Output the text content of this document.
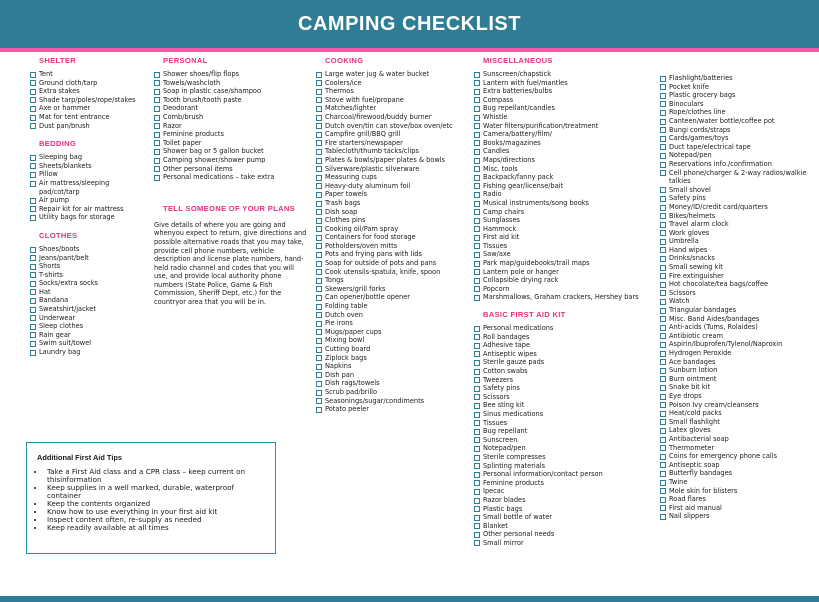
CAMPING CHECKLIST
SHELTER
Tent
Ground cloth/tarp
Extra stakes
Shade tarp/poles/rope/stakes
Axe or hammer
Mat for tent entrance
Dust pan/brush
BEDDING
Sleeping bag
Sheets/blankets
Pillow
Air mattress/sleeping pad/cot/tarp
Air pump
Repair kit for air mattress
Utility bags for storage
CLOTHES
Shoes/boots
Jeans/pant/belt
Shorts
T-shirts
Socks/extra socks
Hat
Bandana
Sweatshirt/jacket
Underwear
Sleep clothes
Rain gear
Swim suit/towel
Laundry bag
PERSONAL
Shower shoes/flip flops
Towels/washcloth
Soap in plastic case/shampoo
Tooth brush/tooth paste
Deodorant
Comb/brush
Razor
Feminine products
Toilet paper
Shower bag or 5 gallon bucket
Camping shower/shower pump
Other personal items
Personal medications – take extra
TELL SOMEONE OF YOUR PLANS

Give details of where you are going and whenyou expect to return, give directions and possible alternative roads that you may take, provide cell phone numbers, vehicle description and license plate numbers, hand-held radio channel and codes that you will use, and provide local authority phone numbers (State Police, Game & Fish Commission, Sheriff Dept, etc.) for the countryor area that you will be in.

Additional First Aid Tips
• Take a First Aid class and a CPR class – keep current on thisinformation
• Keep supplies in a well marked, durable, waterproof container
• Keep the contents organized
• Know how to use everything in your first aid kit
• Inspect content often, re-supply as needed
• Keep readily available at all times
COOKING
Large water jug & water bucket
Coolers/ice
Thermos
Stove with fuel/propane
Matches/lighter
Charcoal/firewood/buddy burner
Dutch oven/tin can stove/box oven/etc
Campfire grill/BBQ grill
Fire starters/newspaper
Tablecloth/thumb tacks/clips
Plates & bowls/paper plates & bowls
Silverware/plastic silverware
Measuring cups
Heavy-duty aluminum foil
Paper towels
Trash bags
Dish soap
Clothes pins
Cooking oil/Pam spray
Containers for food storage
Potholders/oven mitts
Pots and frying pans with lids
Soap for outside of pots and pans
Cook utensils-spatula, knife, spoon
Tongs
Skewers/grill forks
Can opener/bottle opener
Folding table
Dutch oven
Pie irons
Mugs/paper cups
Mixing bowl
Cutting board
Ziplock bags
Napkins
Dish pan
Dish rags/towels
Scrub pad/brillo
Seasonings/sugar/condiments
Potato peeler
MISCELLANEOUS
Sunscreen/chapstick
Lantern with fuel/mantles
Extra batteries/bulbs
Compass
Bug repellant/candles
Whistle
Water filters/purification/treatment
Camera/battery/film/
Books/magazines
Candles
Maps/directions
Misc. tools
Backpack/fanny pack
Fishing gear/license/bait
Radio
Musical instruments/song books
Camp chairs
Sunglasses
Hammock
First aid kit
Tissues
Saw/axe
Park map/guidebooks/trail maps
Lantern pole or hanger
Collapsible drying rack
Popcorn
Marshmallows, Graham crackers, Hershey bars
BASIC FIRST AID KIT
Personal medications
Roll bandages
Adhesive tape
Antiseptic wipes
Sterile gauze pads
Cotton swabs
Tweezers
Safety pins
Scissors
Bee sting kit
Sinus medications
Tissues
Bug repellant
Sunscreen
Notepad/pen
Sterile compresses
Splinting materials
Personal information/contact person
Feminine products
Ipecac
Razor blades
Plastic bags
Small bottle of water
Blanket
Other personal needs
Small mirror
Flashlight/batteries
Pocket knife
Plastic grocery bags
Binoculars
Rope/clothes line
Canteen/water bottle/coffee pot
Bungi cords/straps
Cards/games/toys
Duct tape/electrical tape
Notepad/pen
Reservations info./confirmation
Cell phone/charger & 2-way radios/walkie talkies
Small shovel
Safety pins
Money/ID/credit card/quarters
Bikes/helmets
Travel alarm clock
Work gloves
Umbrella
Hand wipes
Drinks/snacks
Small sewing kit
Fire extinguisher
Hot chocolate/tea bags/coffee
Scissors
Watch
Triangular bandages
Misc. Band Aides/bandages
Anti-acids (Tums, Rolaides)
Antibiotic cream
Aspirin/Ibuprofen/Tylenol/Naproxin
Hydrogen Peroxide
Ace bandages
Sunburn lotion
Burn ointment
Snake bit kit
Eye drops
Poison Ivy cream/cleansers
Heat/cold packs
Small flashlight
Latex gloves
Antibacterial soap
Thermometer
Coins for emergency phone calls
Antiseptic soap
Butterfly bandages
Twine
Mole skin for blisters
Road flares
First aid manual
Nail slippers
